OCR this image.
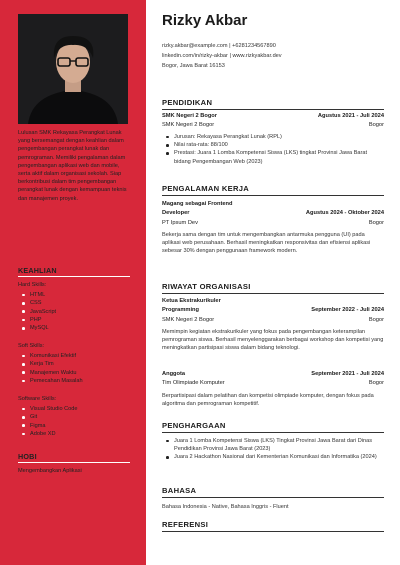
Lulusan SMK Rekayasa Perangkat Lunak yang bersemangat dengan keahlian dalam pengembangan perangkat lunak dan pemrograman. Memiliki pengalaman dalam pengembangan aplikasi web dan mobile, serta aktif dalam organisasi sekolah. Siap berkontribusi dalam tim pengembangan perangkat lunak dengan kemampuan teknis dan manajemen proyek.

KEAHLIAN
Hard Skills:
HTML
CSS
JavaScript
PHP
MySQL
Soft Skills:
Komunikasi Efektif
Kerja Tim
Manajemen Waktu
Pemecahan Masalah
Software Skills:
Visual Studio Code
Git
Figma
Adobe XD
HOBI
Mengembangkan Aplikasi
Rizky Akbar
rizky.akbar@example.com | +6281234567890
linkedin.com/in/rizky-akbar | www.rizkyakbar.dev
Bogor, Jawa Barat 16153
PENDIDIKAN
SMK Negeri 2 Bogor	Agustus 2021 - Juli 2024
SMK Negeri 2 Bogor	Bogor
Jurusan: Rekayasa Perangkat Lunak (RPL)
Nilai rata-rata: 88/100
Prestasi: Juara 1 Lomba Kompetensi Siswa (LKS) tingkat Provinsi Jawa Barat bidang Pengembangan Web (2023)
PENGALAMAN KERJA
Magang sebagai Frontend
Developer	Agustus 2024 - Oktober 2024
PT Ipsum Dev	Bogor

Bekerja sama dengan tim untuk mengembangkan antarmuka pengguna (UI) pada aplikasi web perusahaan. Berhasil meningkatkan responsivitas dan efisiensi aplikasi sebesar 30% dengan penggunaan framework modern.

RIWAYAT ORGANISASI
Ketua Ekstrakurikuler
Programming	September 2022 - Juli 2024
SMK Negeri 2 Bogor	Bogor

Memimpin kegiatan ekstrakurikuler yang fokus pada pengembangan keterampilan pemrograman siswa. Berhasil menyelenggarakan berbagai workshop dan kompetisi yang meningkatkan partisipasi siswa dalam bidang teknologi.

Anggota	September 2021 - Juli 2024
Tim Olimpiade Komputer	Bogor

Berpartisipasi dalam pelatihan dan kompetisi olimpiade komputer, dengan fokus pada algoritma dan pemrograman kompetitif.

PENGHARGAAN
Juara 1 Lomba Kompetensi Siswa (LKS) Tingkat Provinsi Jawa Barat dari Dinas Pendidikan Provinsi Jawa Barat (2023)
Juara 2 Hackathon Nasional dari Kementerian Komunikasi dan Informatika (2024)
BAHASA
Bahasa Indonesia - Native, Bahasa Inggris - Fluent
REFERENSI
